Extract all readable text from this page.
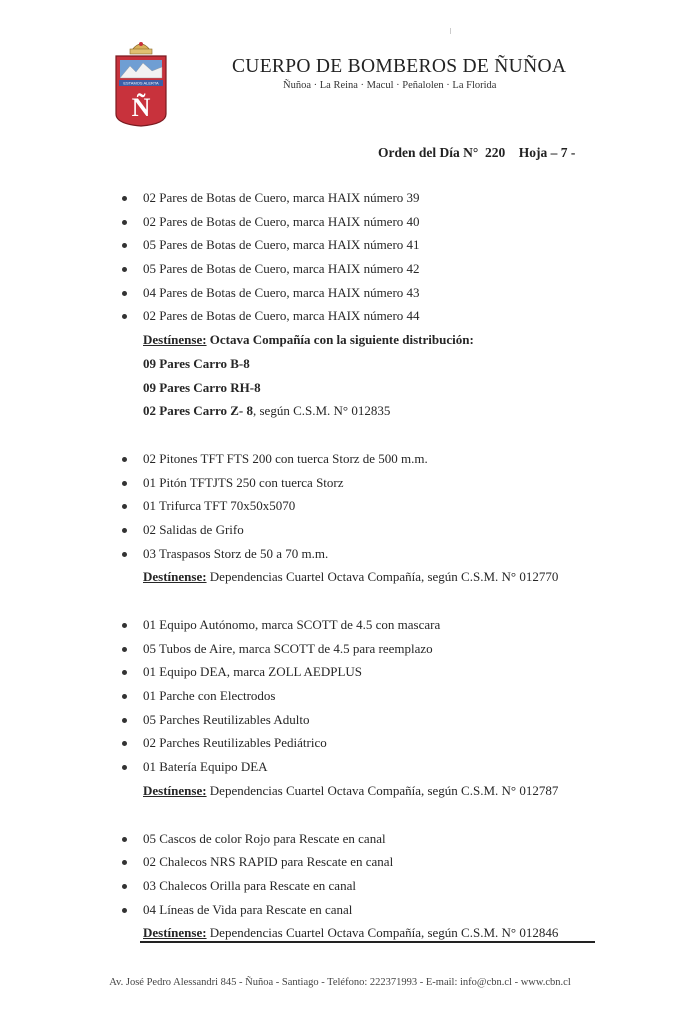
ESTAMOS ALERTA
Ñ
CUERPO DE BOMBEROS DE ÑUÑOA
Ñuñoa · La Reina · Macul · Peñalolen · La Florida
Orden del Día N° 220 Hoja – 7 -
02 Pares de Botas de Cuero, marca HAIX número 39
02 Pares de Botas de Cuero, marca HAIX número 40
05 Pares de Botas de Cuero, marca HAIX número 41
05 Pares de Botas de Cuero, marca HAIX número 42
04 Pares de Botas de Cuero, marca HAIX número 43
02 Pares de Botas de Cuero, marca HAIX número 44
Destínense: Octava Compañía con la siguiente distribución:
09 Pares Carro B-8
09 Pares Carro RH-8
02 Pares Carro Z- 8, según C.S.M. N° 012835
02 Pitones TFT FTS 200 con tuerca Storz de 500 m.m.
01 Pitón TFTJTS 250 con tuerca Storz
01 Trifurca TFT 70x50x5070
02 Salidas de Grifo
03 Traspasos Storz de 50 a 70 m.m.
Destínense: Dependencias Cuartel Octava Compañía, según C.S.M. N° 012770
01 Equipo Autónomo, marca SCOTT de 4.5 con mascara
05 Tubos de Aire, marca SCOTT de 4.5 para reemplazo
01 Equipo DEA, marca ZOLL AEDPLUS
01 Parche con Electrodos
05 Parches Reutilizables Adulto
02 Parches Reutilizables Pediátrico
01 Batería Equipo DEA
Destínense: Dependencias Cuartel Octava Compañía, según C.S.M. N° 012787
05 Cascos de color Rojo para Rescate en canal
02 Chalecos NRS RAPID para Rescate en canal
03 Chalecos Orilla para Rescate en canal
04 Líneas de Vida para Rescate en canal
Destínense: Dependencias Cuartel Octava Compañía, según C.S.M. N° 012846
Av. José Pedro Alessandri 845 - Ñuñoa - Santiago - Teléfono: 222371993 - E-mail: info@cbn.cl - www.cbn.cl
